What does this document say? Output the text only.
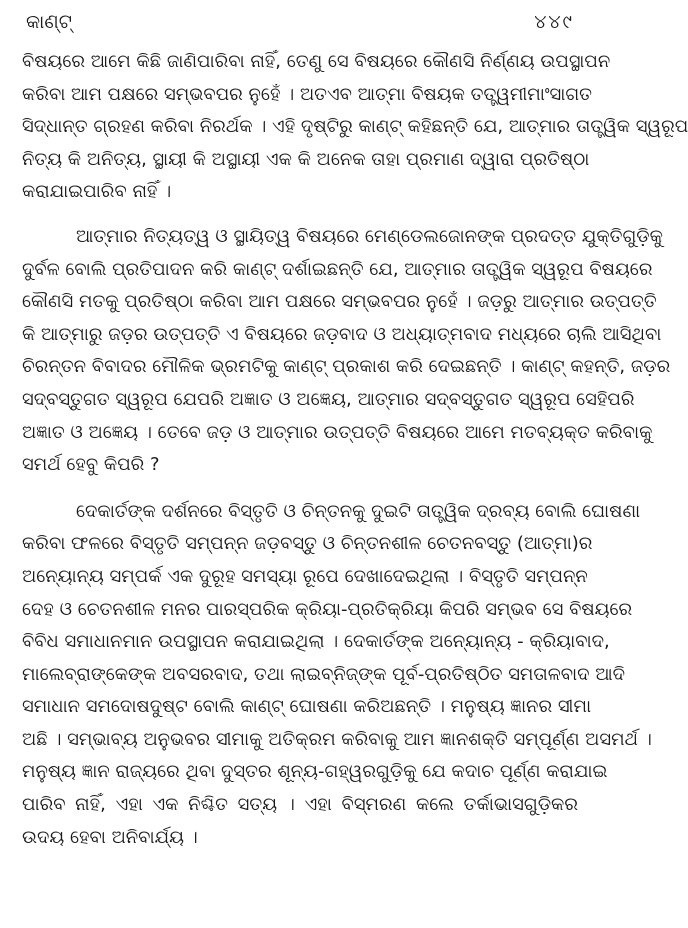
କାଣ୍ଟ୍	୪୪୯

ବିଷୟରେ ଆମେ କିଛି ଜାଣିପାରିବା ନାହିଁ, ତେଣୁ ସେ ବିଷୟରେ କୌଣସି ନିର୍ଣ୍ଣୟ ଉପସ୍ଥାପନ
କରିବା ଆମ ପକ୍ଷରେ ସମ୍ଭବପର ନୁହେଁ । ଅତଏବ ଆତ୍ମା ବିଷୟକ ତତ୍ତ୍ୱମୀମାଂସାଗତ
ସିଦ୍ଧାନ୍ତ ଗ୍ରହଣ କରିବା ନିରର୍ଥକ । ଏହି ଦୃଷ୍ଟିରୁ କାଣ୍ଟ୍ କହିଛନ୍ତି ଯେ, ଆତ୍ମାର ତାତ୍ତ୍ୱିକ ସ୍ୱରୂପ
ନିତ୍ୟ କି ଅନିତ୍ୟ, ସ୍ଥାୟୀ କି ଅସ୍ଥାୟୀ ଏକ କି ଅନେକ ତାହା ପ୍ରମାଣ ଦ୍ୱାରା ପ୍ରତିଷ୍ଠା
କରାଯାଇପାରିବ ନାହିଁ ।

ଆତ୍ମାର ନିତ୍ୟତ୍ୱ ଓ ସ୍ଥାୟିତ୍ୱ ବିଷୟରେ ମେଣ୍ଡେଲଜୋନଙ୍କ ପ୍ରଦତ୍ତ ଯୁକ୍ତିଗୁଡ଼ିକୁ
ଦୁର୍ବଳ ବୋଲି ପ୍ରତିପାଦନ କରି କାଣ୍ଟ୍ ଦର୍ଶାଇଛନ୍ତି ଯେ, ଆତ୍ମାର ତାତ୍ତ୍ୱିକ ସ୍ୱରୂପ ବିଷୟରେ
କୌଣସି ମତକୁ ପ୍ରତିଷ୍ଠା କରିବା ଆମ ପକ୍ଷରେ ସମ୍ଭବପର ନୁହେଁ । ଜଡ଼ରୁ ଆତ୍ମାର ଉତ୍ପତ୍ତି
କି ଆତ୍ମାରୁ ଜଡ଼ର ଉତ୍ପତ୍ତି ଏ ବିଷୟରେ ଜଡ଼ବାଦ ଓ ଅଧ୍ୟାତ୍ମବାଦ ମଧ୍ୟରେ ଚାଲି ଆସିଥିବା
ଚିରନ୍ତନ ବିବାଦର ମୌଳିକ ଭ୍ରମଟିକୁ କାଣ୍ଟ୍ ପ୍ରକାଶ କରି ଦେଇଛନ୍ତି । କାଣ୍ଟ୍ କହନ୍ତି, ଜଡ଼ର
ସଦ୍‌ବସ୍ତୁଗତ ସ୍ୱରୂପ ଯେପରି ଅଜ୍ଞାତ ଓ ଅଜ୍ଞେୟ, ଆତ୍ମାର ସଦ୍‌ବସ୍ତୁଗତ ସ୍ୱରୂପ ସେହିପରି
ଅଜ୍ଞାତ ଓ ଅଜ୍ଞେୟ । ତେବେ ଜଡ଼ ଓ ଆତ୍ମାର ଉତ୍ପତ୍ତି ବିଷୟରେ ଆମେ ମତବ୍ୟକ୍ତ କରିବାକୁ
ସମର୍ଥ ହେବୁ କିପରି ?

ଦେକାର୍ତଙ୍କ ଦର୍ଶନରେ ବିସ୍ତୃତି ଓ ଚିନ୍ତନକୁ ଦୁଇଟି ତାତ୍ତ୍ୱିକ ଦ୍ରବ୍ୟ ବୋଲି ଘୋଷଣା
କରିବା ଫଳରେ ବିସ୍ତୃତି ସମ୍ପନ୍ନ ଜଡ଼ବସ୍ତୁ ଓ ଚିନ୍ତନଶୀଳ ଚେତନବସ୍ତୁ (ଆତ୍ମା)ର
ଅନ୍ୟୋନ୍ୟ ସମ୍ପର୍କ ଏକ ଦୁରୂହ ସମସ୍ୟା ରୂପେ ଦେଖାଦେଇଥିଲା । ବିସ୍ତୃତି ସମ୍ପନ୍ନ
ଦେହ ଓ ଚେତନଶୀଳ ମନର ପାରସ୍ପରିକ କ୍ରିୟା-ପ୍ରତିକ୍ରିୟା କିପରି ସମ୍ଭବ ସେ ବିଷୟରେ
ବିବିଧ ସମାଧାନମାନ ଉପସ୍ଥାପନ କରାଯାଇଥିଲା । ଦେକାର୍ତଙ୍କ ଅନ୍ୟୋନ୍ୟ - କ୍ରିୟାବାଦ,
ମାଲେବ୍ରାଙ୍କେଙ୍କ ଅବସରବାଦ, ତଥା ଲାଇବ୍‌ନିଜ୍‌ଙ୍କ ପୂର୍ବ-ପ୍ରତିଷ୍ଠିତ ସମତାଳବାଦ ଆଦି
ସମାଧାନ ସମଦୋଷଦୁଷ୍ଟ ବୋଲି କାଣ୍ଟ୍ ଘୋଷଣା କରିଅଛନ୍ତି । ମନୁଷ୍ୟ ଜ୍ଞାନର ସୀମା
ଅଛି । ସମ୍ଭାବ୍ୟ ଅନୁଭବର ସୀମାକୁ ଅତିକ୍ରମ କରିବାକୁ ଆମ ଜ୍ଞାନଶକ୍ତି ସମ୍ପୂର୍ଣ୍ଣ ଅସମର୍ଥ ।
ମନୁଷ୍ୟ ଜ୍ଞାନ ରାଜ୍ୟରେ ଥିବା ଦୁସ୍ତର ଶୂନ୍ୟ-ଗହ୍ୱରଗୁଡ଼ିକୁ ଯେ କଦାଚ ପୂର୍ଣ୍ଣ କରାଯାଇ
ପାରିବ ନାହିଁ, ଏହା ଏକ ନିଶ୍ଚିତ ସତ୍ୟ । ଏହା ବିସ୍ମରଣ କଲେ ତର୍କାଭାସଗୁଡ଼ିକର
ଉଦୟ ହେବା ଅନିବାର୍ଯ୍ୟ ।
